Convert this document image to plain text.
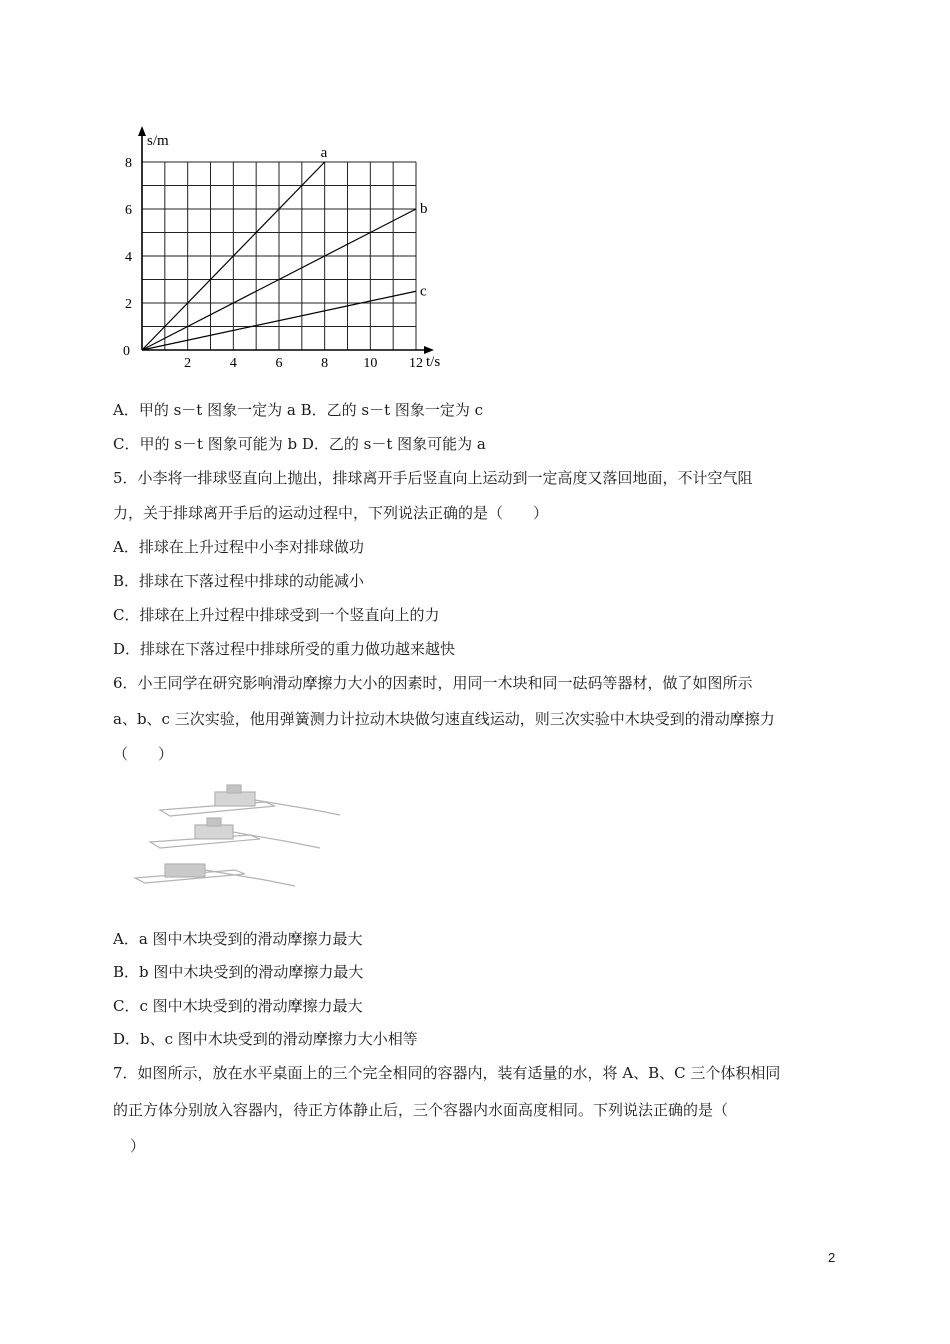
a
b
c
2	4	6	8	10 12
2
4
6
8
s/m
t/s
0
A．甲的 s－t 图象一定为 a B．乙的 s－t 图象一定为 c
C．甲的 s－t 图象可能为 b D．乙的 s－t 图象可能为 a
5．小李将一排球竖直向上抛出，排球离开手后竖直向上运动到一定高度又落回地面，不计空气阻
力，关于排球离开手后的运动过程中，下列说法正确的是（　　）
A．排球在上升过程中小李对排球做功
B．排球在下落过程中排球的动能减小
C．排球在上升过程中排球受到一个竖直向上的力
D．排球在下落过程中排球所受的重力做功越来越快
6．小王同学在研究影响滑动摩擦力大小的因素时，用同一木块和同一砝码等器材，做了如图所示
a、b、c 三次实验，他用弹簧测力计拉动木块做匀速直线运动，则三次实验中木块受到的滑动摩擦力
（　　）
A．a 图中木块受到的滑动摩擦力最大
B．b 图中木块受到的滑动摩擦力最大
C．c 图中木块受到的滑动摩擦力最大
D．b、c 图中木块受到的滑动摩擦力大小相等
7．如图所示，放在水平桌面上的三个完全相同的容器内，装有适量的水，将 A、B、C 三个体积相同
的正方体分别放入容器内，待正方体静止后，三个容器内水面高度相同。下列说法正确的是（
）
2
